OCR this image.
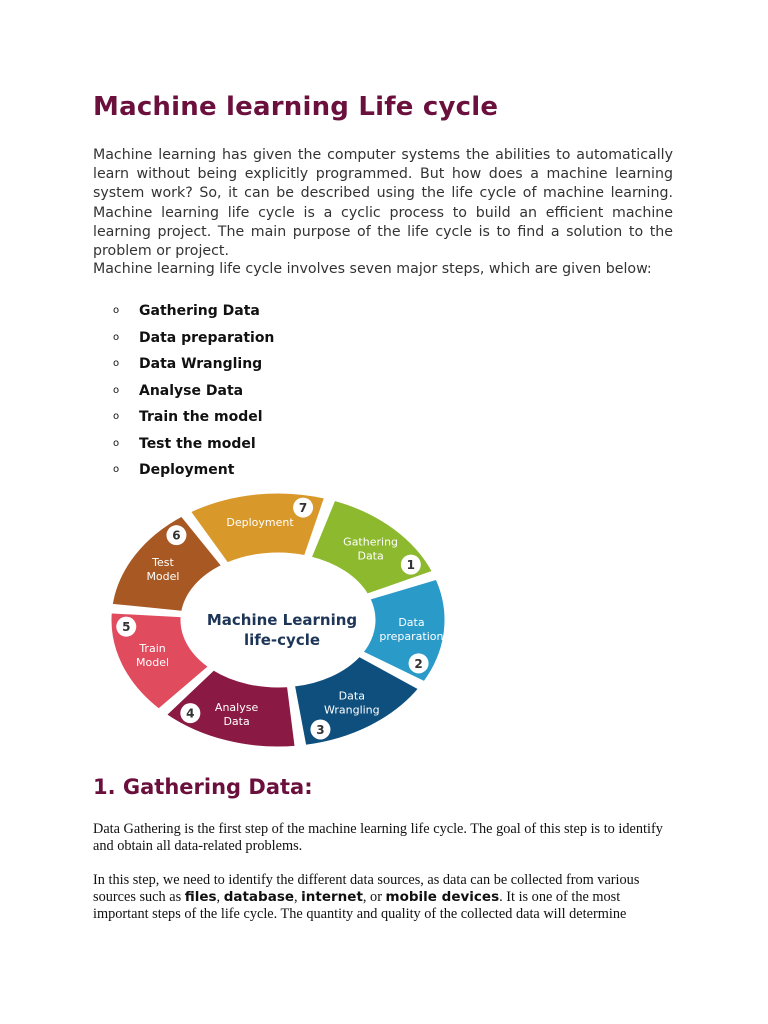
Machine learning Life cycle

Machine learning has given the computer systems the abilities to automatically learn without being explicitly programmed. But how does a machine learning system work? So, it can be described using the life cycle of machine learning. Machine learning life cycle is a cyclic process to build an efficient machine learning project. The main purpose of the life cycle is to find a solution to the problem or project.

Machine learning life cycle involves seven major steps, which are given below:

o	Gathering Data
o	Data preparation
o	Data Wrangling
o	Analyse Data
o	Train the model
o	Test the model
o	Deployment
Gathering
Data
1
Data
preparation
2
Data
Wrangling
3
Analyse
Data
4
Train
Model
5
Test
Model
6
Deployment
7
Machine Learning
life-cycle
1. Gathering Data:

Data Gathering is the first step of the machine learning life cycle. The goal of this step is to identify and obtain all data-related problems.

In this step, we need to identify the different data sources, as data can be collected from various sources such as files, database, internet, or mobile devices. It is one of the most important steps of the life cycle. The quantity and quality of the collected data will determine
